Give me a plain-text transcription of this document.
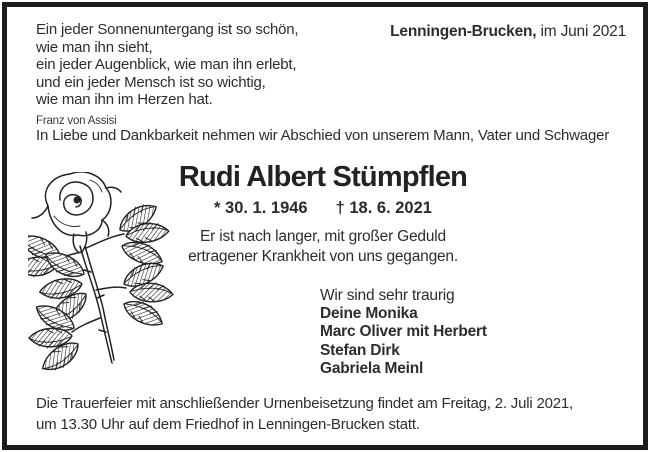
Ein jeder Sonnenuntergang ist so schön,
wie man ihn sieht,
ein jeder Augenblick, wie man ihn erlebt,
und ein jeder Mensch ist so wichtig,
wie man ihn im Herzen hat.
Franz von Assisi
Lenningen-Brucken, im Juni 2021
In Liebe und Dankbarkeit nehmen wir Abschied von unserem Mann, Vater und Schwager
Rudi Albert Stümpflen
* 30. 1. 1946 † 18. 6. 2021
Er ist nach langer, mit großer Geduld
ertragener Krankheit von uns gegangen.
Wir sind sehr traurig
Deine Monika
Marc Oliver mit Herbert
Stefan Dirk
Gabriela Meinl
Die Trauerfeier mit anschließender Urnenbeisetzung findet am Freitag, 2. Juli 2021,
um 13.30 Uhr auf dem Friedhof in Lenningen-Brucken statt.
